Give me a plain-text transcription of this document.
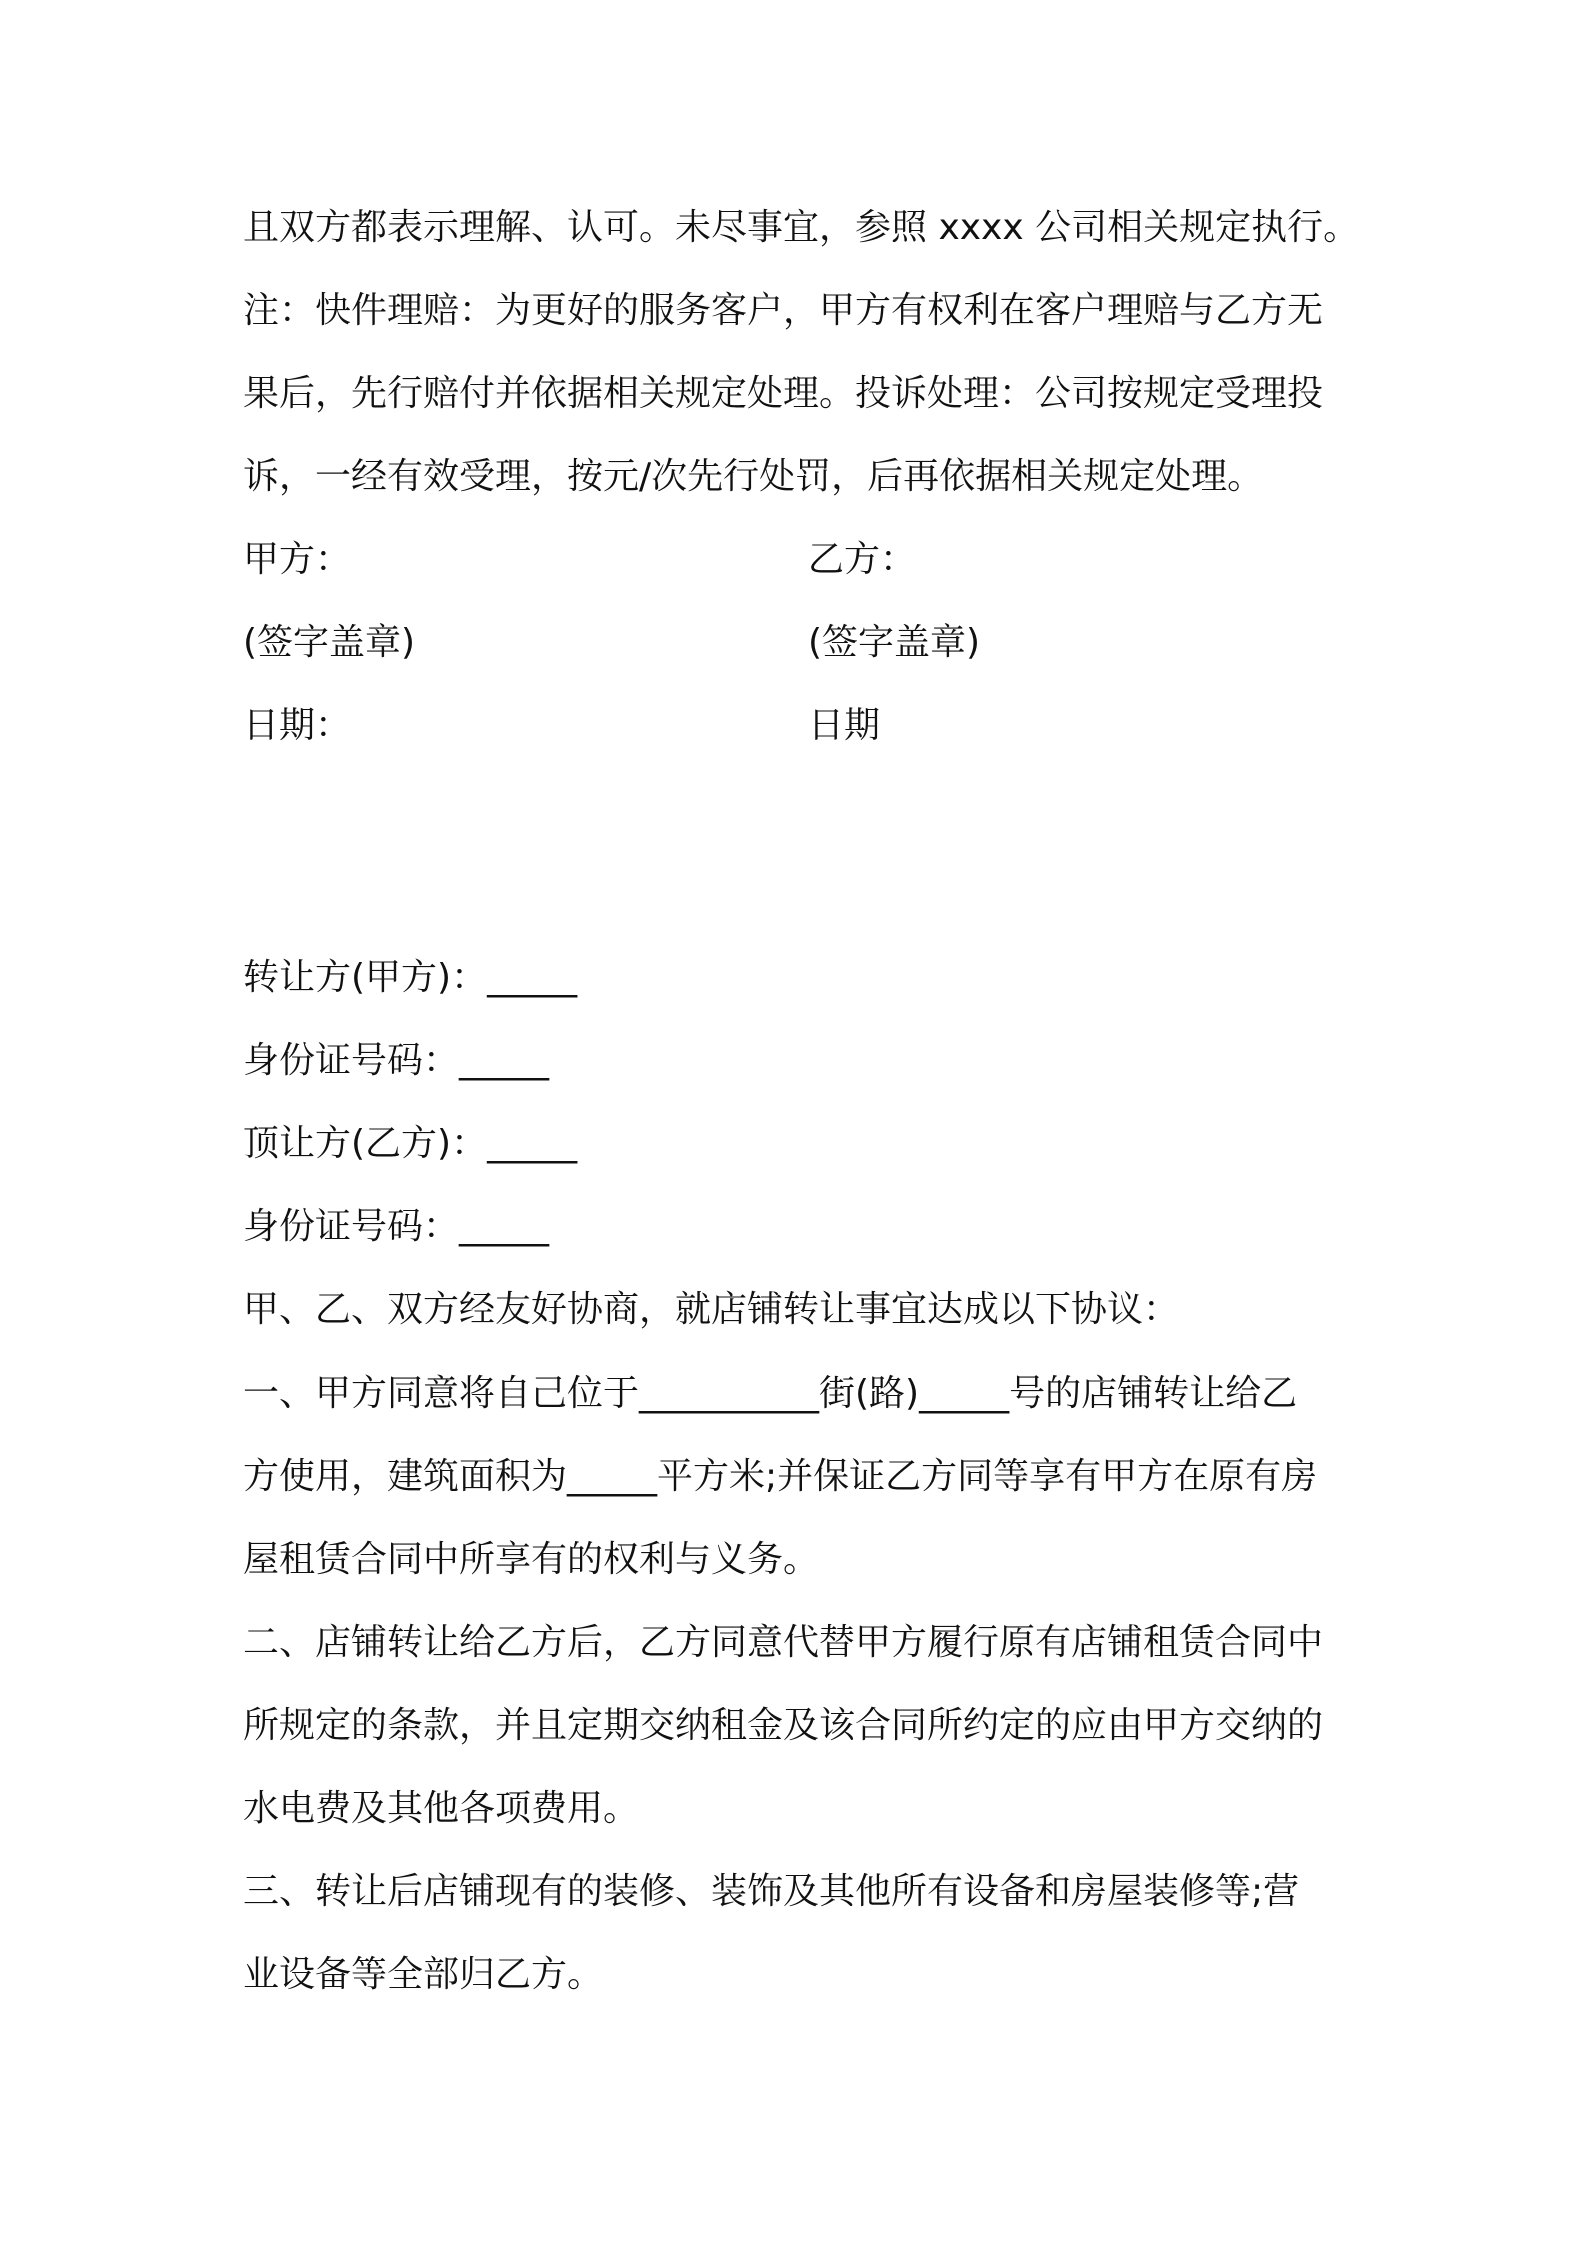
且双方都表示理解、认可。未尽事宜，参照 xxxx 公司相关规定执行。
注：快件理赔：为更好的服务客户，甲方有权利在客户理赔与乙方无
果后，先行赔付并依据相关规定处理。投诉处理：公司按规定受理投
诉，一经有效受理，按元/次先行处罚，后再依据相关规定处理。
甲方：	乙方：
(签字盖章)	(签字盖章)
日期：	日期
转让方(甲方)：_____
身份证号码：_____
顶让方(乙方)：_____
身份证号码：_____
甲、乙、双方经友好协商，就店铺转让事宜达成以下协议：
一、甲方同意将自己位于__________街(路)_____号的店铺转让给乙
方使用，建筑面积为_____平方米;并保证乙方同等享有甲方在原有房
屋租赁合同中所享有的权利与义务。
二、店铺转让给乙方后，乙方同意代替甲方履行原有店铺租赁合同中
所规定的条款，并且定期交纳租金及该合同所约定的应由甲方交纳的
水电费及其他各项费用。
三、转让后店铺现有的装修、装饰及其他所有设备和房屋装修等;营
业设备等全部归乙方。
